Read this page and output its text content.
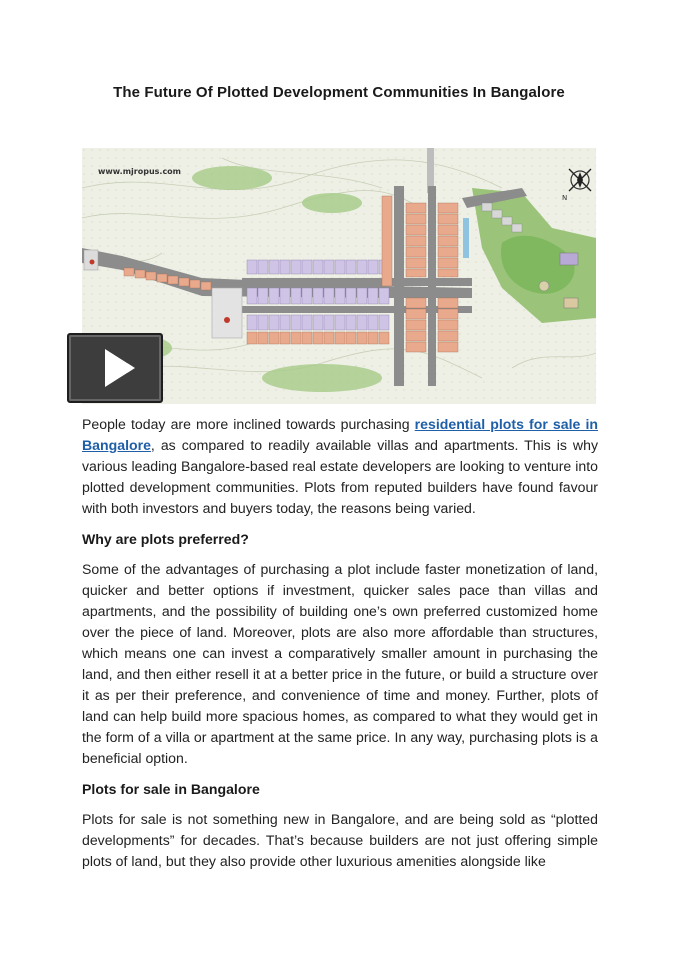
The Future Of Plotted Development Communities In Bangalore
www.mjropus.com
N

People today are more inclined towards purchasing residential plots for sale in Bangalore, as compared to readily available villas and apartments. This is why various leading Bangalore-based real estate developers are looking to venture into plotted development communities. Plots from reputed builders have found favour with both investors and buyers today, the reasons being varied.

Why are plots preferred?

Some of the advantages of purchasing a plot include faster monetization of land, quicker and better options if investment, quicker sales pace than villas and apartments, and the possibility of building one’s own preferred customized home over the piece of land. Moreover, plots are also more affordable than structures, which means one can invest a comparatively smaller amount in purchasing the land, and then either resell it at a better price in the future, or build a structure over it as per their preference, and convenience of time and money. Further, plots of land can help build more spacious homes, as compared to what they would get in the form of a villa or apartment at the same price. In any way, purchasing plots is a beneficial option.

Plots for sale in Bangalore

Plots for sale is not something new in Bangalore, and are being sold as “plotted developments” for decades. That’s because builders are not just offering simple plots of land, but they also provide other luxurious amenities alongside like
